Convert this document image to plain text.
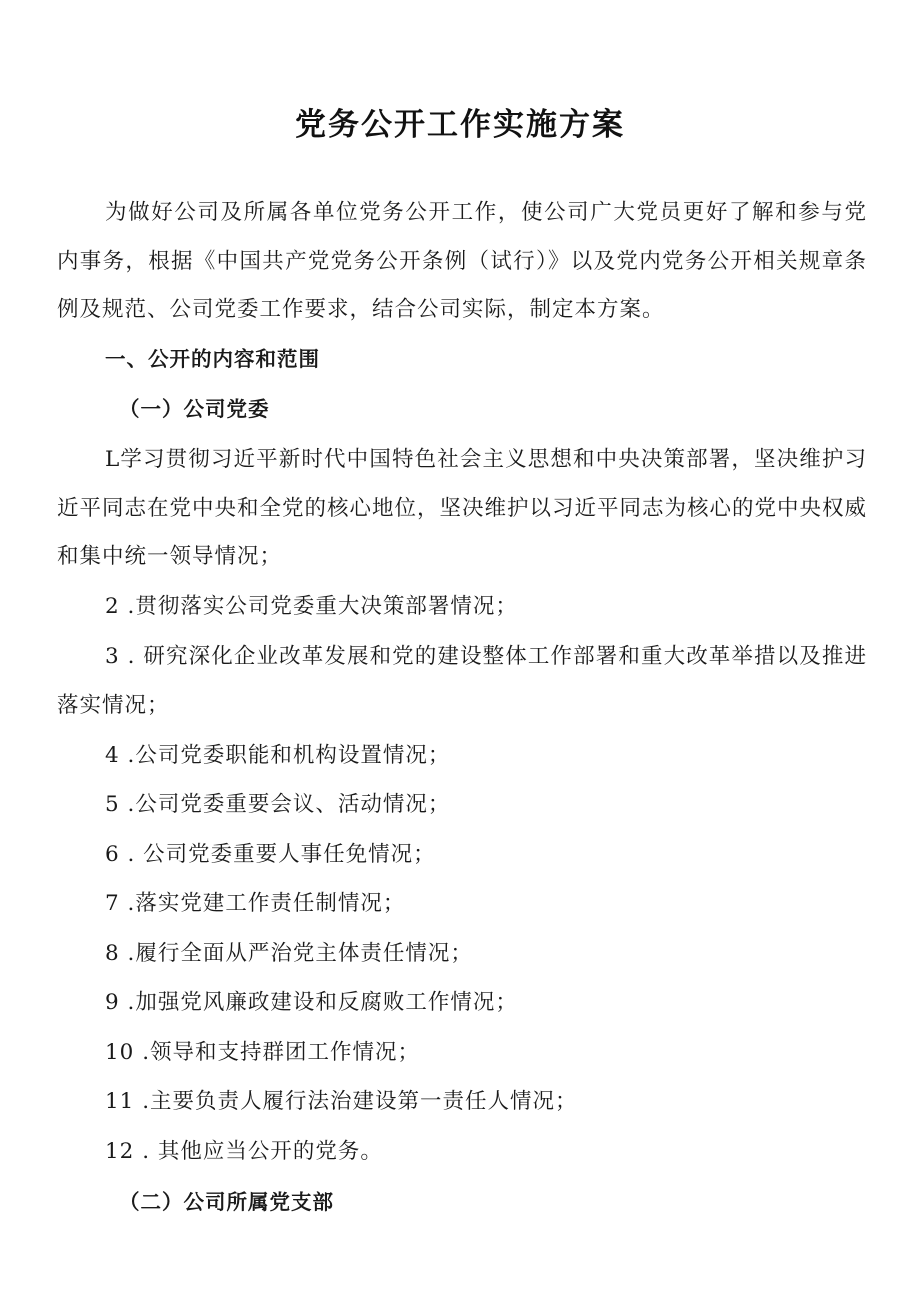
党务公开工作实施方案

为做好公司及所属各单位党务公开工作，使公司广大党员更好了解和参与党内事务，根据《中国共产党党务公开条例（试行）》以及党内党务公开相关规章条例及规范、公司党委工作要求，结合公司实际，制定本方案。

一、公开的内容和范围

（一）公司党委

L学习贯彻习近平新时代中国特色社会主义思想和中央决策部署，坚决维护习近平同志在党中央和全党的核心地位，坚决维护以习近平同志为核心的党中央权威和集中统一领导情况；

2 .贯彻落实公司党委重大决策部署情况；

3 . 研究深化企业改革发展和党的建设整体工作部署和重大改革举措以及推进落实情况；

4 .公司党委职能和机构设置情况；

5 .公司党委重要会议、活动情况；

6 . 公司党委重要人事任免情况；

7 .落实党建工作责任制情况；

8 .履行全面从严治党主体责任情况；

9 .加强党风廉政建设和反腐败工作情况；

10 .领导和支持群团工作情况；

11 .主要负责人履行法治建设第一责任人情况；

12 . 其他应当公开的党务。

（二）公司所属党支部
